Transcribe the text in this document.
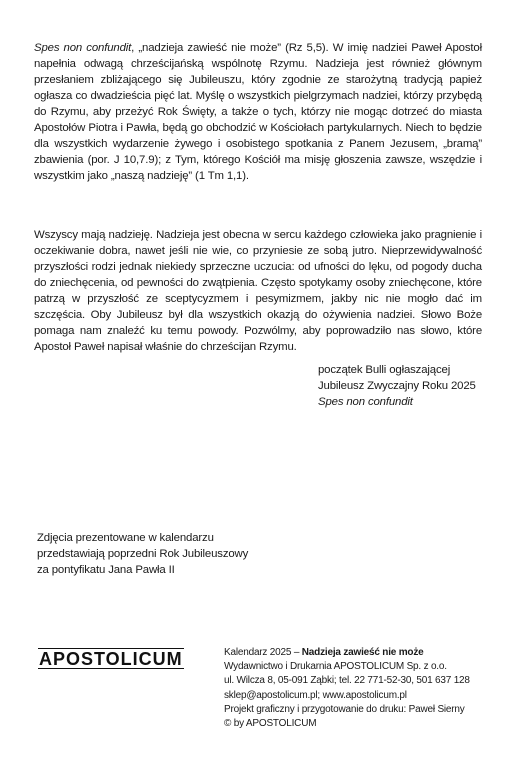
Spes non confundit, „nadzieja zawieść nie może” (Rz 5,5). W imię nadziei Paweł Apostoł napełnia odwagą chrześcijańską wspólnotę Rzymu. Nadzieja jest również głównym przesłaniem zbliżającego się Jubileuszu, który zgodnie ze starożytną tradycją papież ogłasza co dwadzieścia pięć lat. Myślę o wszystkich pielgrzymach nadziei, którzy przybędą do Rzymu, aby przeżyć Rok Święty, a także o tych, którzy nie mogąc dotrzeć do miasta Apostołów Piotra i Pawła, będą go obchodzić w Kościołach partykularnych. Niech to będzie dla wszystkich wydarzenie żywego i osobistego spotkania z Panem Jezusem, „bramą” zbawienia (por. J 10,7.9); z Tym, którego Kościół ma misję głoszenia zawsze, wszędzie i wszystkim jako „naszą nadzieję” (1 Tm 1,1).

Wszyscy mają nadzieję. Nadzieja jest obecna w sercu każdego człowieka jako pragnienie i oczekiwanie dobra, nawet jeśli nie wie, co przyniesie ze sobą jutro. Nieprzewidywalność przyszłości rodzi jednak niekiedy sprzeczne uczucia: od ufności do lęku, od pogody ducha do zniechęcenia, od pewności do zwątpienia. Często spotykamy osoby zniechęcone, które patrzą w przyszłość ze sceptycyzmem i pesymizmem, jakby nic nie mogło dać im szczęścia. Oby Jubileusz był dla wszystkich okazją do ożywienia nadziei. Słowo Boże pomaga nam znaleźć ku temu powody. Pozwólmy, aby poprowadziło nas słowo, które Apostoł Paweł napisał właśnie do chrześcijan Rzymu.

początek Bulli ogłaszającej
Jubileusz Zwyczajny Roku 2025
Spes non confundit
Zdjęcia prezentowane w kalendarzu
przedstawiają poprzedni Rok Jubileuszowy
za pontyfikatu Jana Pawła II
APOSTOLICUM	Kalendarz 2025 – Nadzieja zawieść nie może
Wydawnictwo i Drukarnia APOSTOLICUM Sp. z o.o.
ul. Wilcza 8, 05-091 Ząbki; tel. 22 771-52-30, 501 637 128
sklep@apostolicum.pl; www.apostolicum.pl
Projekt graficzny i przygotowanie do druku: Paweł Sierny
© by APOSTOLICUM
